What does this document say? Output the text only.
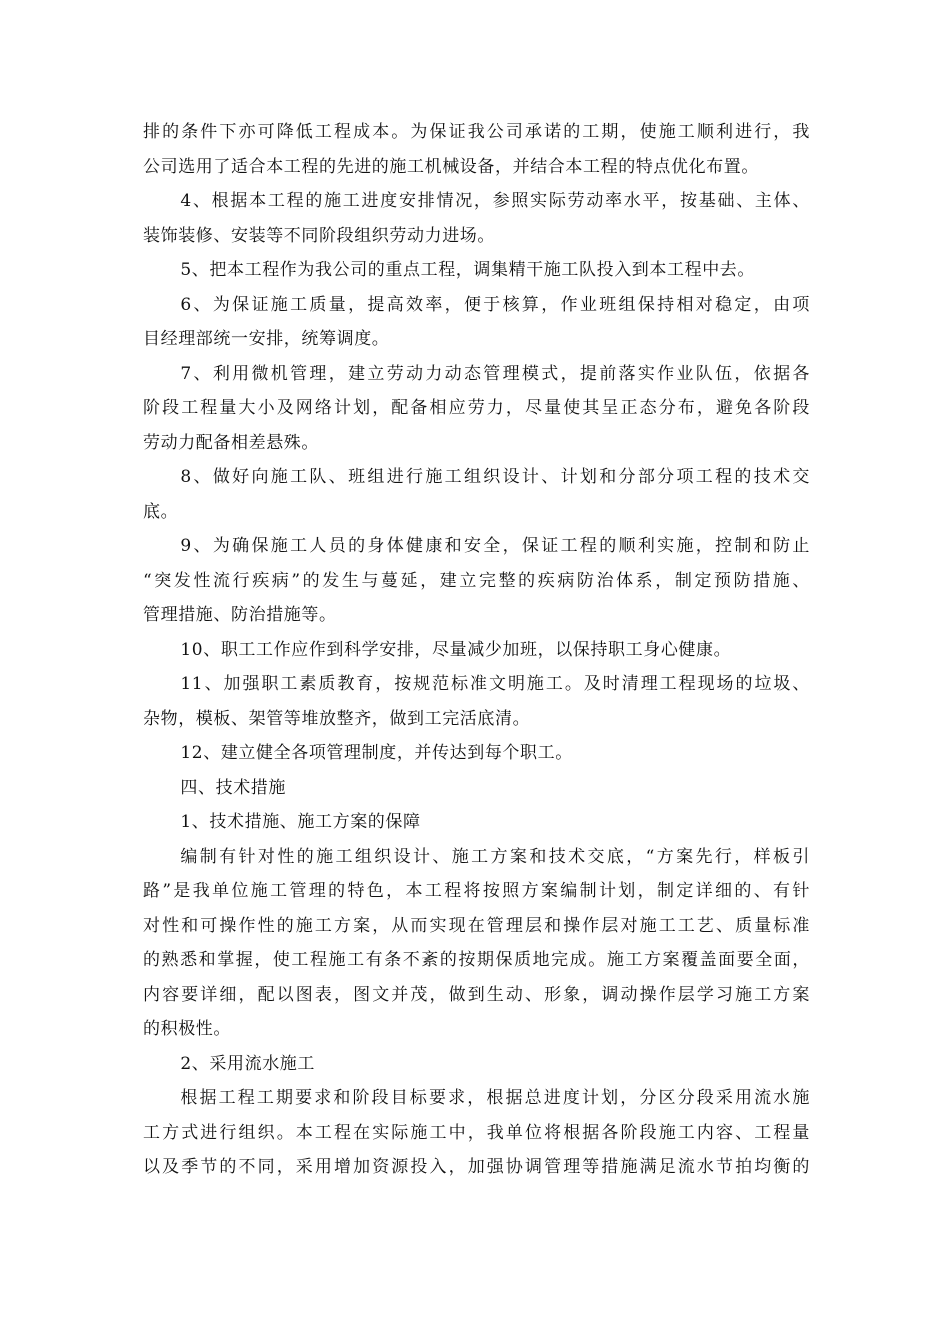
排的条件下亦可降低工程成本。为保证我公司承诺的工期，使施工顺利进行，我
公司选用了适合本工程的先进的施工机械设备，并结合本工程的特点优化布置。
4、根据本工程的施工进度安排情况，参照实际劳动率水平，按基础、主体、
装饰装修、安装等不同阶段组织劳动力进场。
5、把本工程作为我公司的重点工程，调集精干施工队投入到本工程中去。
6、为保证施工质量，提高效率，便于核算，作业班组保持相对稳定，由项
目经理部统一安排，统筹调度。
7、利用微机管理，建立劳动力动态管理模式，提前落实作业队伍，依据各
阶段工程量大小及网络计划，配备相应劳力，尽量使其呈正态分布，避免各阶段
劳动力配备相差悬殊。
8、做好向施工队、班组进行施工组织设计、计划和分部分项工程的技术交
底。
9、为确保施工人员的身体健康和安全，保证工程的顺利实施，控制和防止
“突发性流行疾病”的发生与蔓延，建立完整的疾病防治体系，制定预防措施、
管理措施、防治措施等。
10、职工工作应作到科学安排，尽量减少加班，以保持职工身心健康。
11、加强职工素质教育，按规范标准文明施工。及时清理工程现场的垃圾、
杂物，模板、架管等堆放整齐，做到工完活底清。
12、建立健全各项管理制度，并传达到每个职工。
四、技术措施
1、技术措施、施工方案的保障
编制有针对性的施工组织设计、施工方案和技术交底，“方案先行，样板引
路”是我单位施工管理的特色，本工程将按照方案编制计划，制定详细的、有针
对性和可操作性的施工方案，从而实现在管理层和操作层对施工工艺、质量标准
的熟悉和掌握，使工程施工有条不紊的按期保质地完成。施工方案覆盖面要全面，
内容要详细，配以图表，图文并茂，做到生动、形象，调动操作层学习施工方案
的积极性。
2、采用流水施工
根据工程工期要求和阶段目标要求，根据总进度计划，分区分段采用流水施
工方式进行组织。本工程在实际施工中，我单位将根据各阶段施工内容、工程量
以及季节的不同，采用增加资源投入，加强协调管理等措施满足流水节拍均衡的
